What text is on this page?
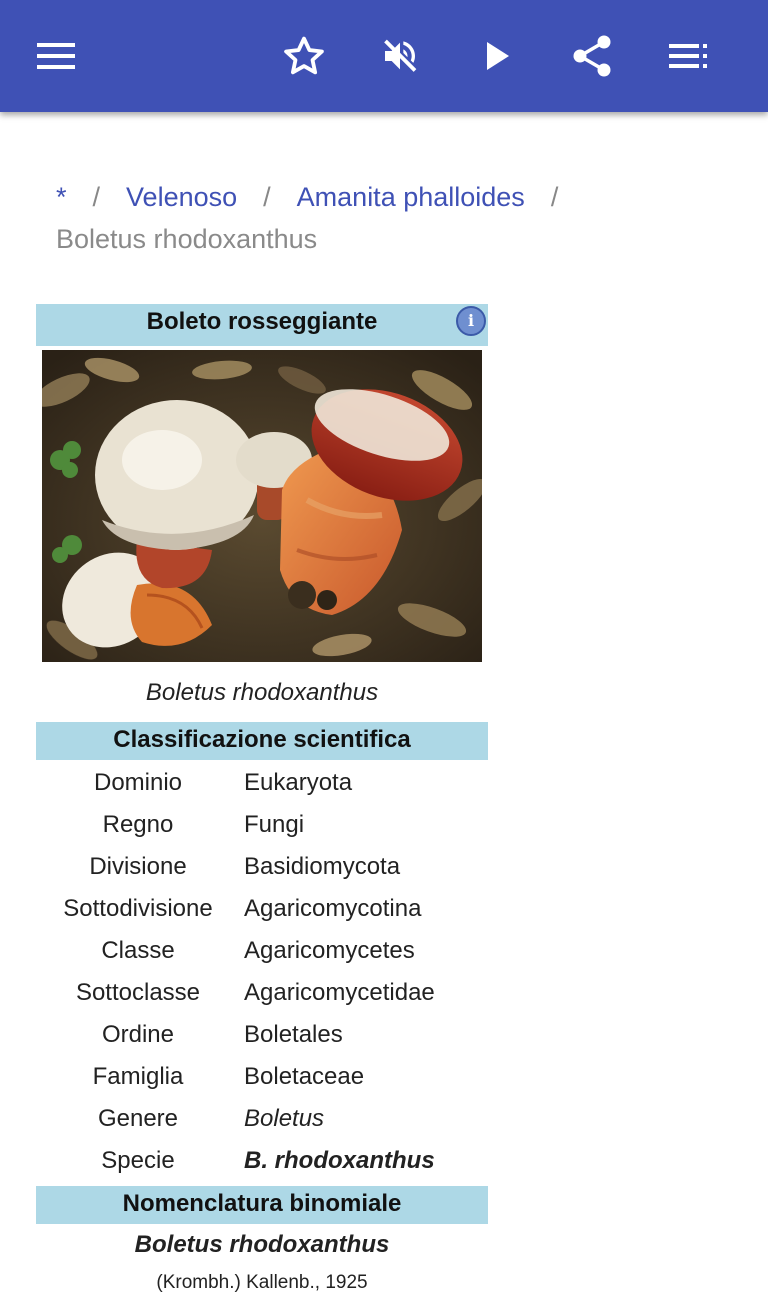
* / Velenoso / Amanita phalloides /
Boletus rhodoxanthus
Boleto rosseggiante	i
Boletus rhodoxanthus
Classificazione scientifica
Dominio	Eukaryota
Regno	Fungi
Divisione	Basidiomycota
Sottodivisione	Agaricomycotina
Classe	Agaricomycetes
Sottoclasse	Agaricomycetidae
Ordine	Boletales
Famiglia	Boletaceae
Genere	Boletus
Specie	B. rhodoxanthus
Nomenclatura binomiale
Boletus rhodoxanthus
(Krombh.) Kallenb., 1925
